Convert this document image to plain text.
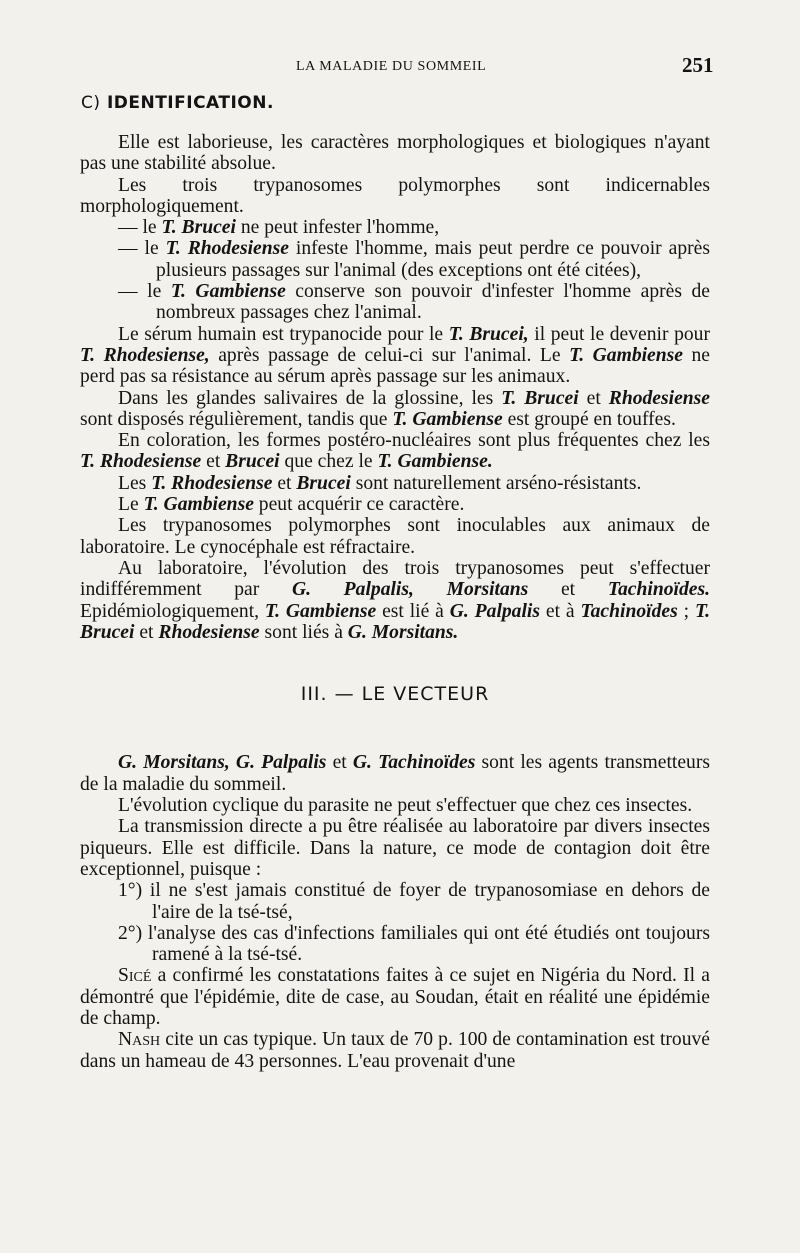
LA MALADIE DU SOMMEIL	251
C) IDENTIFICATION.

Elle est laborieuse, les caractères morphologiques et biologiques n'ayant pas une stabilité absolue.

Les trois trypanosomes polymorphes sont indicernables morphologiquement.

— le T. Brucei ne peut infester l'homme,

— le T. Rhodesiense infeste l'homme, mais peut perdre ce pouvoir après plusieurs passages sur l'animal (des exceptions ont été citées),

— le T. Gambiense conserve son pouvoir d'infester l'homme après de nombreux passages chez l'animal.

Le sérum humain est trypanocide pour le T. Brucei, il peut le devenir pour T. Rhodesiense, après passage de celui-ci sur l'animal. Le T. Gambiense ne perd pas sa résistance au sérum après passage sur les animaux.

Dans les glandes salivaires de la glossine, les T. Brucei et Rhodesiense sont disposés régulièrement, tandis que T. Gambiense est groupé en touffes.

En coloration, les formes postéro-nucléaires sont plus fréquentes chez les T. Rhodesiense et Brucei que chez le T. Gambiense.

Les T. Rhodesiense et Brucei sont naturellement arséno-résistants.

Le T. Gambiense peut acquérir ce caractère.

Les trypanosomes polymorphes sont inoculables aux animaux de laboratoire. Le cynocéphale est réfractaire.

Au laboratoire, l'évolution des trois trypanosomes peut s'effectuer indifféremment par G. Palpalis, Morsitans et Tachinoïdes. Epidémiologiquement, T. Gambiense est lié à G. Palpalis et à Tachinoïdes ; T. Brucei et Rhodesiense sont liés à G. Morsitans.

III. — LE VECTEUR

G. Morsitans, G. Palpalis et G. Tachinoïdes sont les agents transmetteurs de la maladie du sommeil.

L'évolution cyclique du parasite ne peut s'effectuer que chez ces insectes.

La transmission directe a pu être réalisée au laboratoire par divers insectes piqueurs. Elle est difficile. Dans la nature, ce mode de contagion doit être exceptionnel, puisque :

1°) il ne s'est jamais constitué de foyer de trypanosomiase en dehors de l'aire de la tsé-tsé,

2°) l'analyse des cas d'infections familiales qui ont été étudiés ont toujours ramené à la tsé-tsé.

Sicé a confirmé les constatations faites à ce sujet en Nigéria du Nord. Il a démontré que l'épidémie, dite de case, au Soudan, était en réalité une épidémie de champ.

Nash cite un cas typique. Un taux de 70 p. 100 de contamination est trouvé dans un hameau de 43 personnes. L'eau provenait d'une
